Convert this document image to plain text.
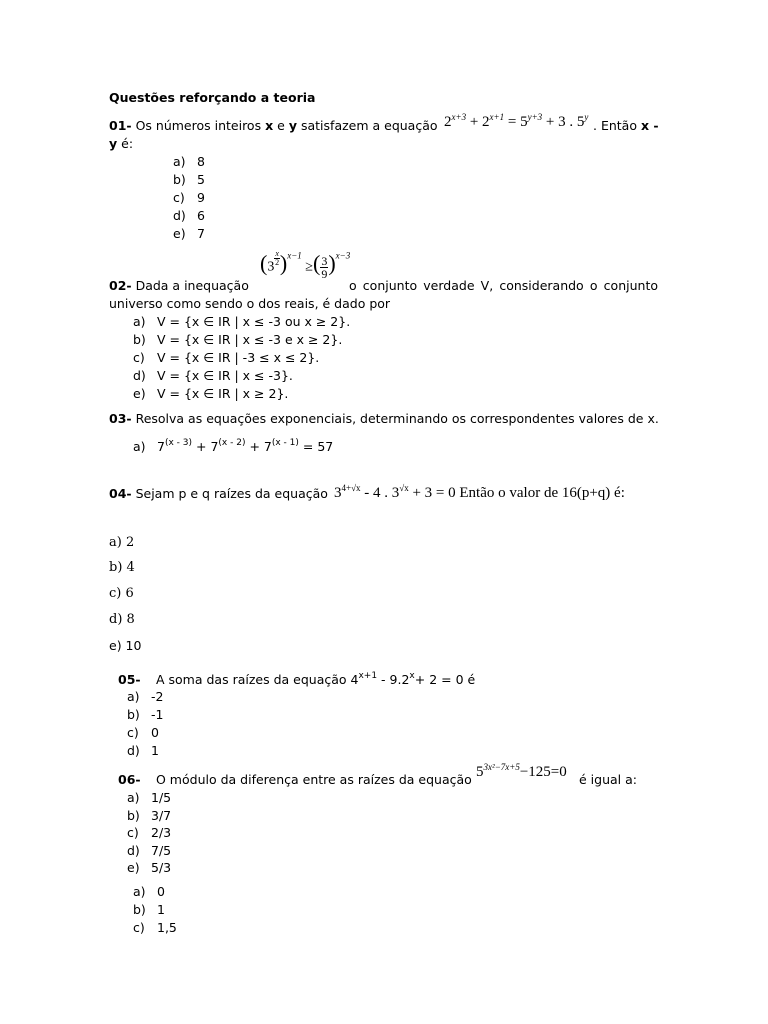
Questões reforçando a teoria
01- Os números inteiros x e y satisfazem a equação $2^{x+3} + 2^{x+1} = 5^{y+3} + 3$ . 5$^y$
. Então x -
y é:
a) 8
b) 5
c) 9
d) 6
e) 7
02- Dada a inequação
(3
$^{\frac{x}{2}}$ )$^{x-1}$ ≥( $\frac{3}{9} )^{x-3}$
o conjunto verdade V, considerando o conjunto
universo como sendo o dos reais, é dado por
a) V = {x ∈ IR | x ≤ -3 ou x ≥ 2}.
b) V = {x ∈ IR | x ≤ -3 e x ≥ 2}.
c) V = {x ∈ IR | -3 ≤ x ≤ 2}.
d) V = {x ∈ IR | x ≤ -3}.
e) V = {x ∈ IR | x ≥ 2}.
03- Resolva as equações exponenciais, determinando os correspondentes valores de x.
a) $7^{(x - 3)} + 7^{(x - 2)} + 7^{(x - 1)} = 57$
04- Sejam p e q raízes da equação $3^{4+√x} - 4$ . $3^{√x} + 3 = 0$ Então o valor de 16(p+q) é:
a) 2
b) 4
c) 6
d) 8
e) 10
05- A soma das raízes da equação $4^{x+1} - 9.2^x+ 2 = 0$ é
a) -2
b) -1
c) 0
d) 1
06- O módulo da diferença entre as raízes da equação $5^{3x^2-7x+5}-125=0$ é igual a:
a) 1/5
b) 3/7
c) 2/3
d) 7/5
e) 5/3
a) 0
b) 1
c) 1,5
